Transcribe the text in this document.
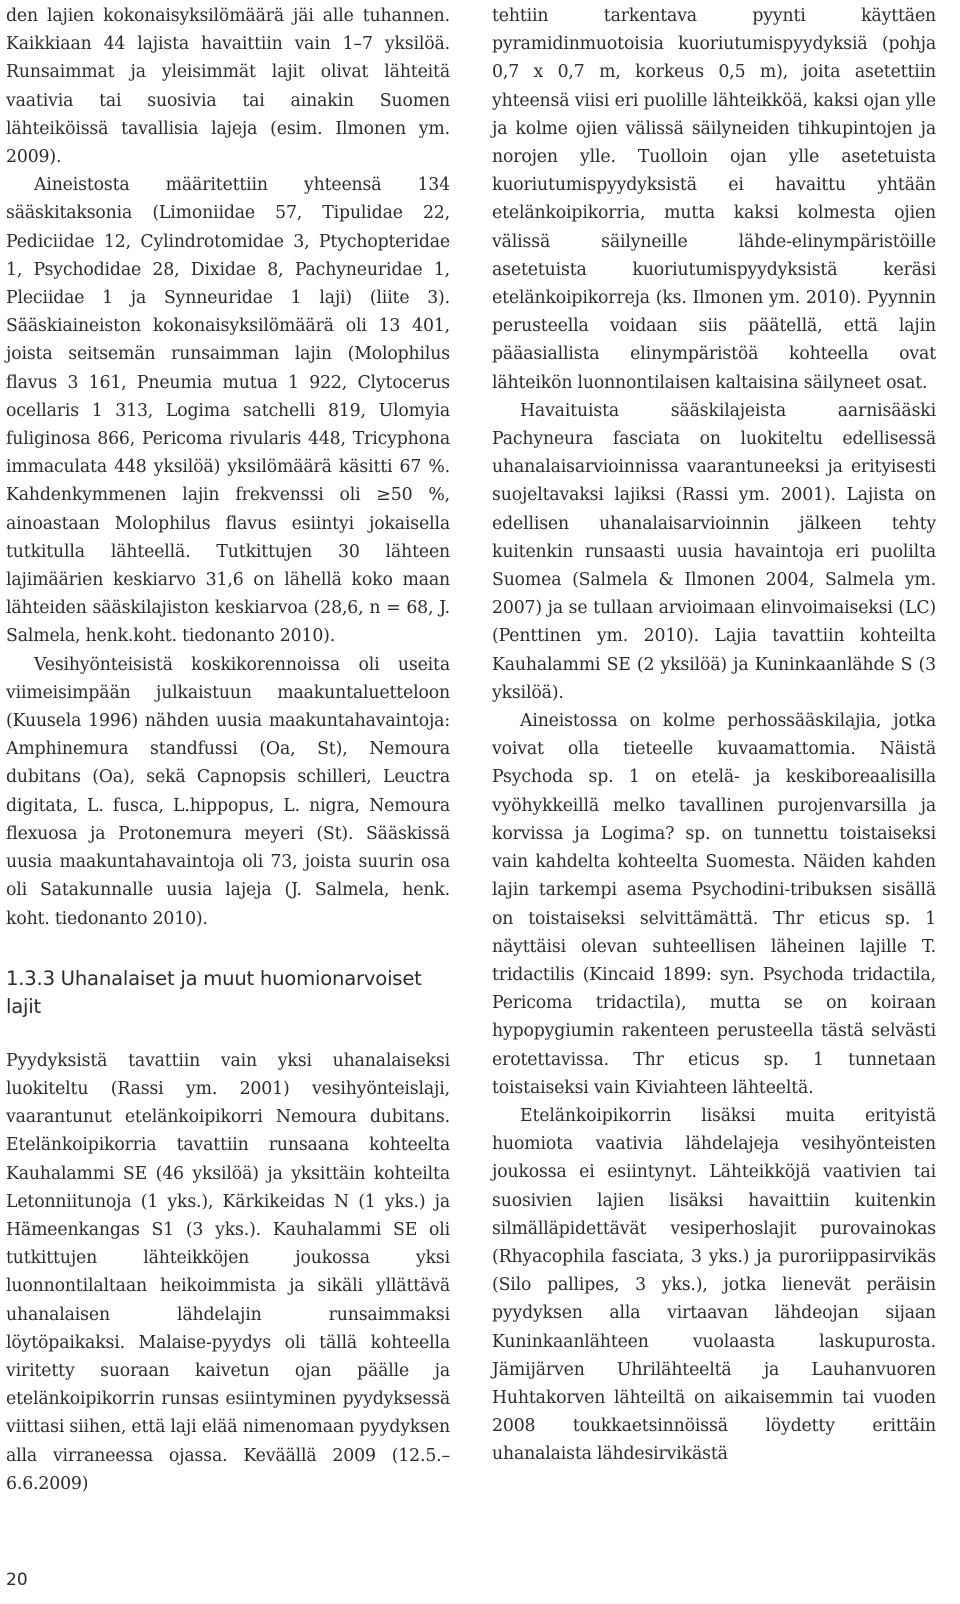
den lajien kokonaisyksilömäärä jäi alle tuhannen. Kaikkiaan 44 lajista havaittiin vain 1–7 yksilöä. Runsaimmat ja yleisimmät lajit olivat lähteitä vaativia tai suosivia tai ainakin Suomen lähteiköissä tavallisia lajeja (esim. Ilmonen ym. 2009).

Aineistosta määritettiin yhteensä 134 sääskitaksonia (Limoniidae 57, Tipulidae 22, Pediciidae 12, Cylindrotomidae 3, Ptychopteridae 1, Psychodidae 28, Dixidae 8, Pachyneuridae 1, Pleciidae 1 ja Synneuridae 1 laji) (liite 3). Sääskiaineiston kokonaisyksilömäärä oli 13 401, joista seitsemän runsaimman lajin (Molophilus flavus 3 161, Pneumia mutua 1 922, Clytocerus ocellaris 1 313, Logima satchelli 819, Ulomyia fuliginosa 866, Pericoma rivularis 448, Tricyphona immaculata 448 yksilöä) yksilömäärä käsitti 67 %. Kahdenkymmenen lajin frekvenssi oli ≥50 %, ainoastaan Molophilus flavus esiintyi jokaisella tutkitulla lähteellä. Tutkittujen 30 lähteen lajimäärien keskiarvo 31,6 on lähellä koko maan lähteiden sääskilajiston keskiarvoa (28,6, n = 68, J. Salmela, henk.koht. tiedonanto 2010).

Vesihyönteisistä koskikorennoissa oli useita viimeisimpään julkaistuun maakuntaluetteloon (Kuusela 1996) nähden uusia maakuntahavaintoja: Amphinemura standfussi (Oa, St), Nemoura dubitans (Oa), sekä Capnopsis schilleri, Leuctra digitata, L. fusca, L.hippopus, L. nigra, Nemoura flexuosa ja Protonemura meyeri (St). Sääskissä uusia maakuntahavaintoja oli 73, joista suurin osa oli Satakunnalle uusia lajeja (J. Salmela, henk. koht. tiedonanto 2010).

1.3.3 Uhanalaiset ja muut huomionarvoiset lajit

Pyydyksistä tavattiin vain yksi uhanalaiseksi luokiteltu (Rassi ym. 2001) vesihyönteislaji, vaarantunut etelänkoipikorri Nemoura dubitans. Etelänkoipikorria tavattiin runsaana kohteelta Kauhalammi SE (46 yksilöä) ja yksittäin kohteilta Letonniitunoja (1 yks.), Kärkikeidas N (1 yks.) ja Hämeenkangas S1 (3 yks.). Kauhalammi SE oli tutkittujen lähteikköjen joukossa yksi luonnontilaltaan heikoimmista ja sikäli yllättävä uhanalaisen lähdelajin runsaimmaksi löytöpaikaksi. Malaise-pyydys oli tällä kohteella viritetty suoraan kaivetun ojan päälle ja etelänkoipikorrin runsas esiintyminen pyydyksessä viittasi siihen, että laji elää nimenomaan pyydyksen alla virraneessa ojassa. Keväällä 2009 (12.5.–6.6.2009)

tehtiin tarkentava pyynti käyttäen pyramidinmuotoisia kuoriutumispyydyksiä (pohja 0,7 x 0,7 m, korkeus 0,5 m), joita asetettiin yhteensä viisi eri puolille lähteikköä, kaksi ojan ylle ja kolme ojien välissä säilyneiden tihkupintojen ja norojen ylle. Tuolloin ojan ylle asetetuista kuoriutumispyydyksistä ei havaittu yhtään etelänkoipikorria, mutta kaksi kolmesta ojien välissä säilyneille lähde-elinympäristöille asetetuista kuoriutumispyydyksistä keräsi etelänkoipikorreja (ks. Ilmonen ym. 2010). Pyynnin perusteella voidaan siis päätellä, että lajin pääasiallista elinympäristöä kohteella ovat lähteikön luonnontilaisen kaltaisina säilyneet osat.

Havaituista sääskilajeista aarnisääski Pachyneura fasciata on luokiteltu edellisessä uhanalaisarvioinnissa vaarantuneeksi ja erityisesti suojeltavaksi lajiksi (Rassi ym. 2001). Lajista on edellisen uhanalaisarvioinnin jälkeen tehty kuitenkin runsaasti uusia havaintoja eri puolilta Suomea (Salmela & Ilmonen 2004, Salmela ym. 2007) ja se tullaan arvioimaan elinvoimaiseksi (LC) (Penttinen ym. 2010). Lajia tavattiin kohteilta Kauhalammi SE (2 yksilöä) ja Kuninkaanlähde S (3 yksilöä).

Aineistossa on kolme perhossääskilajia, jotka voivat olla tieteelle kuvaamattomia. Näistä Psychoda sp. 1 on etelä- ja keskiboreaalisilla vyöhykkeillä melko tavallinen purojenvarsilla ja korvissa ja Logima? sp. on tunnettu toistaiseksi vain kahdelta kohteelta Suomesta. Näiden kahden lajin tarkempi asema Psychodini-tribuksen sisällä on toistaiseksi selvittämättä. Thr eticus sp. 1 näyttäisi olevan suhteellisen läheinen lajille T. tridactilis (Kincaid 1899: syn. Psychoda tridactila, Pericoma tridactila), mutta se on koiraan hypopygiumin rakenteen perusteella tästä selvästi erotettavissa. Thr eticus sp. 1 tunnetaan toistaiseksi vain Kiviahteen lähteeltä.

Etelänkoipikorrin lisäksi muita erityistä huomiota vaativia lähdelajeja vesihyönteisten joukossa ei esiintynyt. Lähteikköjä vaativien tai suosivien lajien lisäksi havaittiin kuitenkin silmälläpidettävät vesiperhoslajit purovainokas (Rhyacophila fasciata, 3 yks.) ja puroriippasirvikäs (Silo pallipes, 3 yks.), jotka lienevät peräisin pyydyksen alla virtaavan lähdeojan sijaan Kuninkaanlähteen vuolaasta laskupurosta. Jämijärven Uhrilähteeltä ja Lauhanvuoren Huhtakorven lähteiltä on aikaisemmin tai vuoden 2008 toukkaetsinnöissä löydetty erittäin uhanalaista lähdesirvikästä

20
